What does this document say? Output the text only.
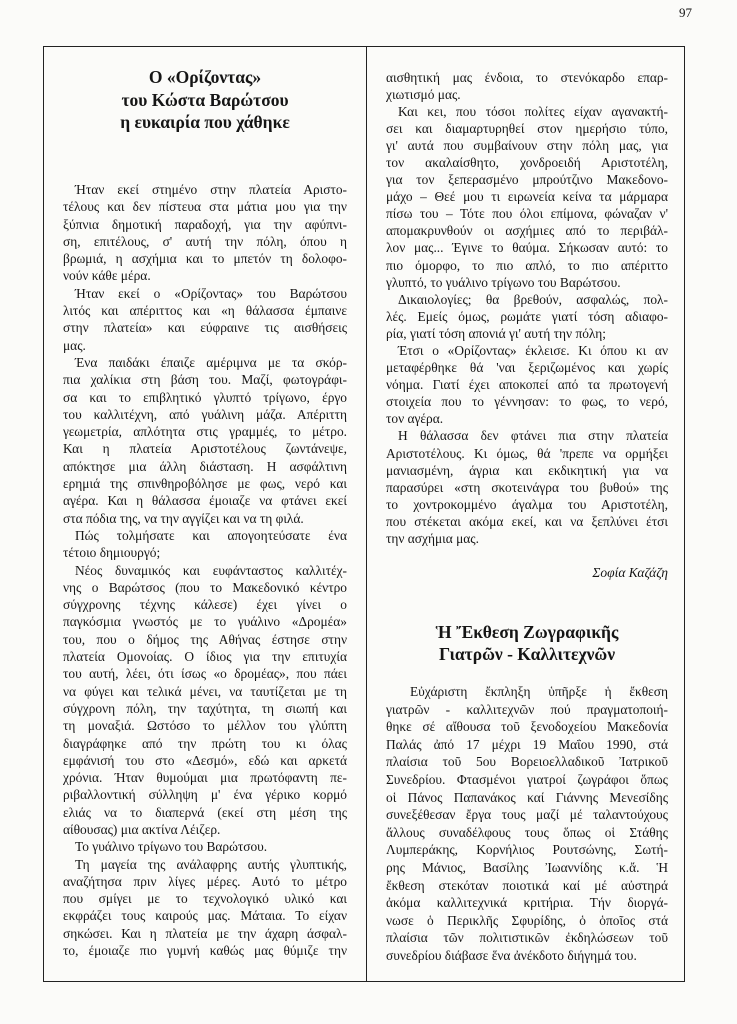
97
Ο «Ορίζοντας»
του Κώστα Βαρώτσου
η ευκαιρία που χάθηκε
Ήταν εκεί στημένο στην πλατεία Αριστο-
τέλους και δεν πίστευα στα μάτια μου για την
ξύπνια δημοτική παραδοχή, για την αφύπνι-
ση, επιτέλους, σ' αυτή την πόλη, όπου η
βρωμιά, η ασχήμια και το μπετόν τη δολοφο-
νούν κάθε μέρα.
Ήταν εκεί ο «Ορίζοντας» του Βαρώτσου
λιτός και απέριττος και «η θάλασσα έμπαινε
στην πλατεία» και εύφραινε τις αισθήσεις
μας.
Ένα παιδάκι έπαιζε αμέριμνα με τα σκόρ-
πια χαλίκια στη βάση του. Μαζί, φωτογράφι-
σα και το επιβλητικό γλυπτό τρίγωνο, έργο
του καλλιτέχνη, από γυάλινη μάζα. Απέριττη
γεωμετρία, απλότητα στις γραμμές, το μέτρο.
Και η πλατεία Αριστοτέλους ζωντάνεψε,
απόκτησε μια άλλη διάσταση. Η ασφάλτινη
ερημιά της σπινθηροβόλησε με φως, νερό και
αγέρα. Και η θάλασσα έμοιαζε να φτάνει εκεί
στα πόδια της, να την αγγίζει και να τη φιλά.
Πώς τολμήσατε και απογοητεύσατε ένα
τέτοιο δημιουργό;
Νέος δυναμικός και ευφάνταστος καλλιτέχ-
νης ο Βαρώτσος (που το Μακεδονικό κέντρο
σύγχρονης τέχνης κάλεσε) έχει γίνει ο
παγκόσμια γνωστός με το γυάλινο «Δρομέα»
του, που ο δήμος της Αθήνας έστησε στην
πλατεία Ομονοίας. Ο ίδιος για την επιτυχία
του αυτή, λέει, ότι ίσως «ο δρομέας», που πάει
να φύγει και τελικά μένει, να ταυτίζεται με τη
σύγχρονη πόλη, την ταχύτητα, τη σιωπή και
τη μοναξιά. Ωστόσο το μέλλον του γλύπτη
διαγράφηκε από την πρώτη του κι όλας
εμφάνισή του στο «Δεσμό», εδώ και αρκετά
χρόνια. Ήταν θυμούμαι μια πρωτόφαντη πε-
ριβαλλοντική σύλληψη μ' ένα γέρικο κορμό
ελιάς να το διαπερνά (εκεί στη μέση της
αίθουσας) μια ακτίνα Λέιζερ.
Το γυάλινο τρίγωνο του Βαρώτσου.
Τη μαγεία της ανάλαφρης αυτής γλυπτικής,
αναζήτησα πριν λίγες μέρες. Αυτό το μέτρο
που σμίγει με το τεχνολογικό υλικό και
εκφράζει τους καιρούς μας. Μάταια. Το είχαν
σηκώσει. Και η πλατεία με την άχαρη άσφαλ-
το, έμοιαζε πιο γυμνή καθώς μας θύμιζε την
αισθητική μας ένδοια, το στενόκαρδο επαρ-
χιωτισμό μας.
Και κει, που τόσοι πολίτες είχαν αγανακτή-
σει και διαμαρτυρηθεί στον ημερήσιο τύπο,
γι' αυτά που συμβαίνουν στην πόλη μας, για
τον ακαλαίσθητο, χονδροειδή Αριστοτέλη,
για τον ξεπερασμένο μπρούτζινο Μακεδονο-
μάχο – Θεέ μου τι ειρωνεία κείνα τα μάρμαρα
πίσω του – Τότε που όλοι επίμονα, φώναζαν ν'
απομακρυνθούν οι ασχήμιες από το περιβάλ-
λον μας... Έγινε το θαύμα. Σήκωσαν αυτό: το
πιο όμορφο, το πιο απλό, το πιο απέριττο
γλυπτό, το γυάλινο τρίγωνο του Βαρώτσου.
Δικαιολογίες; θα βρεθούν, ασφαλώς, πολ-
λές. Εμείς όμως, ρωμάτε γιατί τόση αδιαφο-
ρία, γιατί τόση απονιά γι' αυτή την πόλη;
Έτσι ο «Ορίζοντας» έκλεισε. Κι όπου κι αν
μεταφέρθηκε θά 'ναι ξεριζωμένος και χωρίς
νόημα. Γιατί έχει αποκοπεί από τα πρωτογενή
στοιχεία που το γέννησαν: το φως, το νερό,
τον αγέρα.
Η θάλασσα δεν φτάνει πια στην πλατεία
Αριστοτέλους. Κι όμως, θά 'πρεπε να ορμήξει
μανιασμένη, άγρια και εκδικητική για να
παρασύρει «στη σκοτεινάγρα του βυθού» της
το χοντροκομμένο άγαλμα του Αριστοτέλη,
που στέκεται ακόμα εκεί, και να ξεπλύνει έτσι
την ασχήμια μας.
Σοφία Καζάζη
Ἡ Ἔκθεση Ζωγραφικῆς
Γιατρῶν - Καλλιτεχνῶν
Εὐχάριστη ἔκπληξη ὑπῆρξε ἡ ἔκθεση
γιατρῶν - καλλιτεχνῶν πού πραγματοποιή-
θηκε σέ αἴθουσα τοῦ ξενοδοχείου Μακεδονία
Παλάς ἀπό 17 μέχρι 19 Μαΐου 1990, στά
πλαίσια τοῦ 5ου Βορειοελλαδικοῦ Ἰατρικοῦ
Συνεδρίου. Φτασμένοι γιατροί ζωγράφοι ὅπως
οἱ Πάνος Παπανάκος καί Γιάννης Μενεσίδης
συνεξέθεσαν ἔργα τους μαζί μέ ταλαντούχους
ἄλλους συναδέλφους τους ὅπως οἱ Στάθης
Λυμπεράκης, Κορνήλιος Ρουτσώνης, Σωτή-
ρης Μάνιος, Βασίλης Ἰωαννίδης κ.ἄ. Ἡ
ἔκθεση στεκόταν ποιοτικά καί μέ αὐστηρά
ἀκόμα καλλιτεχνικά κριτήρια. Τήν διοργά-
νωσε ὁ Περικλῆς Σφυρίδης, ὁ ὁποῖος στά
πλαίσια τῶν πολιτιστικῶν ἐκδηλώσεων τοῦ
συνεδρίου διάβασε ἕνα ἀνέκδοτο διήγημά του.
